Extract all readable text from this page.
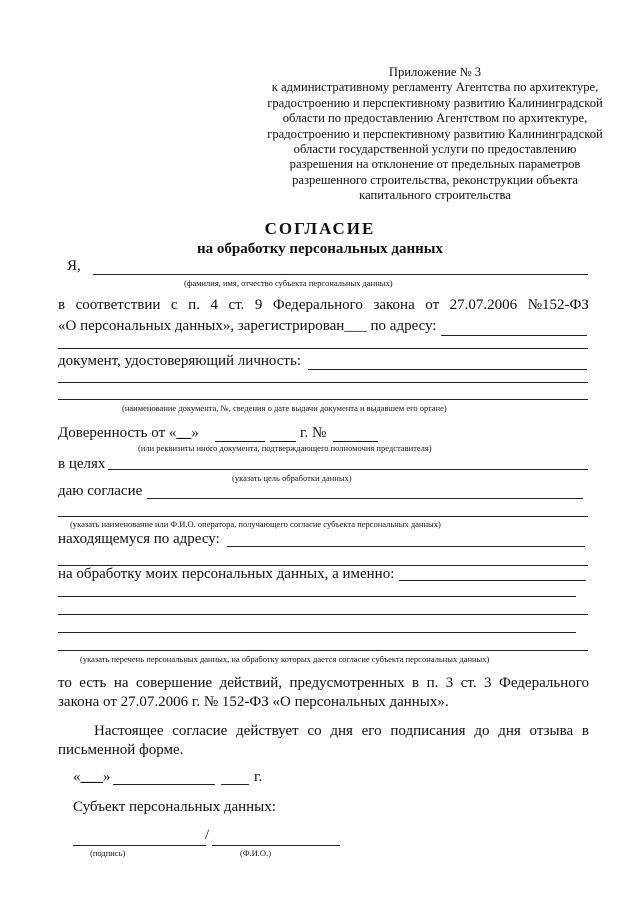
Приложение № 3
к административному регламенту Агентства по архитектуре, градостроению и перспективному развитию Калининградской области по предоставлению Агентством по архитектуре, градостроению и перспективному развитию Калининградской области государственной услуги по предоставлению разрешения на отклонение от предельных параметров разрешенного строительства, реконструкции объекта капитального строительства
СОГЛАСИЕ
на обработку персональных данных
Я,
(фамилия, имя, отчество субъекта персональных данных)
в соответствии с п. 4 ст. 9 Федерального закона от 27.07.2006 №152-ФЗ
«О персональных данных», зарегистрирован___ по адресу:
документ, удостоверяющий личность:
(наименование документа, №, сведения о дате выдачи документа и выдавшем его органе)
Доверенность от «__»	г. №
(или реквизиты иного документа, подтверждающего полномочия представителя)
в целях
(указать цель обработки данных)
даю согласие
(указать наименование или Ф.И.О. оператора, получающего согласие субъекта персональных данных)
находящемуся по адресу:
на обработку моих персональных данных, а именно:
(указать перечень персональных данных, на обработку которых дается согласие субъекта персональных данных)
то есть на совершение действий, предусмотренных в п. 3 ст. 3 Федерального закона от 27.07.2006 г. № 152-ФЗ «О персональных данных».
Настоящее согласие действует со дня его подписания до дня отзыва в письменной форме.
«___»	г.
Субъект персональных данных:
/
(подпись)	(Ф.И.О.)
